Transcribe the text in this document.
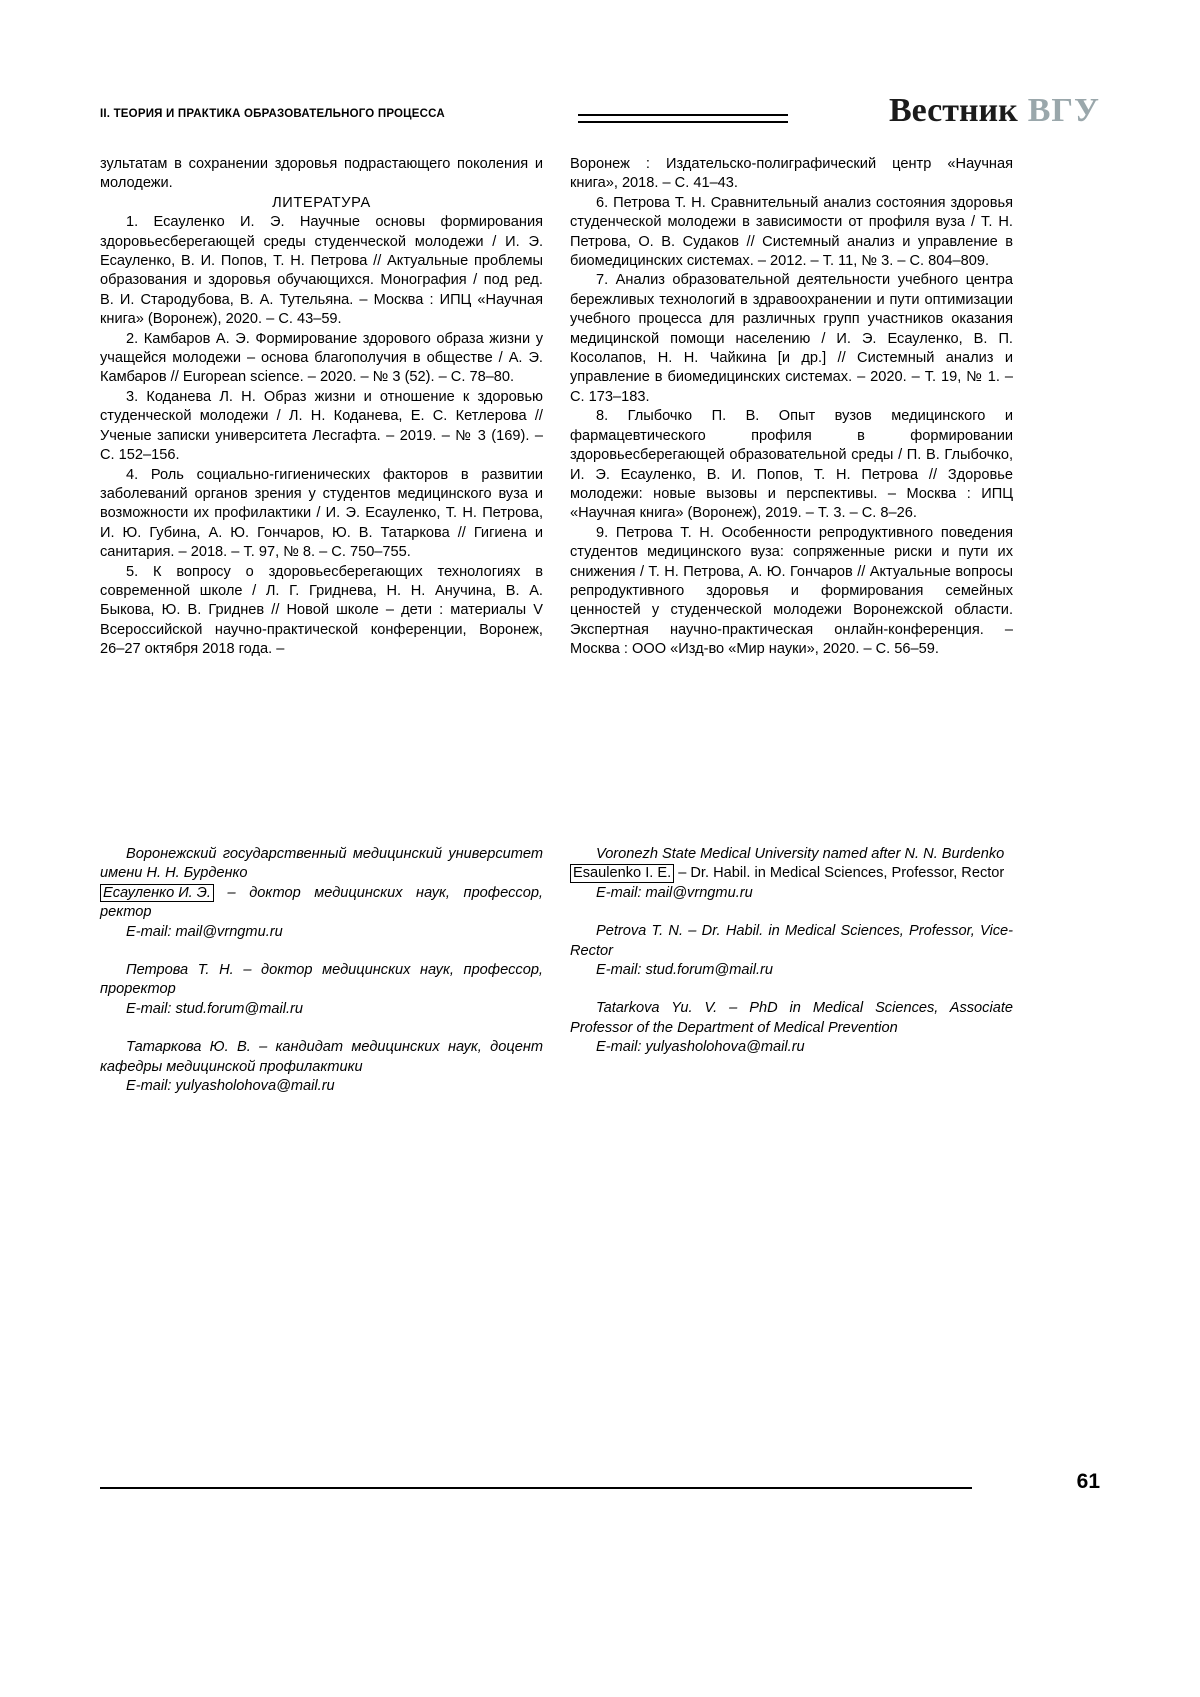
II. ТЕОРИЯ И ПРАКТИКА ОБРАЗОВАТЕЛЬНОГО ПРОЦЕССА	Вестник ВГУ

зультатам в сохранении здоровья подрастающего поколения и молодежи.

ЛИТЕРАТУРА

1. Есауленко И. Э. Научные основы формирования здоровьесберегающей среды студенческой молодежи / И. Э. Есауленко, В. И. Попов, Т. Н. Петрова // Актуальные проблемы образования и здоровья обучающихся. Монография / под ред. В. И. Стародубова, В. А. Тутельяна. – Москва : ИПЦ «Научная книга» (Воронеж), 2020. – С. 43–59.

2. Камбаров А. Э. Формирование здорового образа жизни у учащейся молодежи – основа благополучия в обществе / А. Э. Камбаров // European science. – 2020. – № 3 (52). – С. 78–80.

3. Коданева Л. Н. Образ жизни и отношение к здоровью студенческой молодежи / Л. Н. Коданева, Е. С. Кетлерова // Ученые записки университета Лесгафта. – 2019. – № 3 (169). – С. 152–156.

4. Роль социально-гигиенических факторов в развитии заболеваний органов зрения у студентов медицинского вуза и возможности их профилактики / И. Э. Есауленко, Т. Н. Петрова, И. Ю. Губина, А. Ю. Гончаров, Ю. В. Татаркова // Гигиена и санитария. – 2018. – Т. 97, № 8. – С. 750–755.

5. К вопросу о здоровьесберегающих технологиях в современной школе / Л. Г. Гриднева, Н. Н. Анучина, В. А. Быкова, Ю. В. Гриднев // Новой школе – дети : материалы V Всероссийской научно-практической конференции, Воронеж, 26–27 октября 2018 года. –

Воронеж : Издательско-полиграфический центр «Научная книга», 2018. – С. 41–43.

6. Петрова Т. Н. Сравнительный анализ состояния здоровья студенческой молодежи в зависимости от профиля вуза / Т. Н. Петрова, О. В. Судаков // Системный анализ и управление в биомедицинских системах. – 2012. – Т. 11, № 3. – С. 804–809.

7. Анализ образовательной деятельности учебного центра бережливых технологий в здравоохранении и пути оптимизации учебного процесса для различных групп участников оказания медицинской помощи населению / И. Э. Есауленко, В. П. Косолапов, Н. Н. Чайкина [и др.] // Системный анализ и управление в биомедицинских системах. – 2020. – Т. 19, № 1. – С. 173–183.

8. Глыбочко П. В. Опыт вузов медицинского и фармацевтического профиля в формировании здоровьесберегающей образовательной среды / П. В. Глыбочко, И. Э. Есауленко, В. И. Попов, Т. Н. Петрова // Здоровье молодежи: новые вызовы и перспективы. – Москва : ИПЦ «Научная книга» (Воронеж), 2019. – Т. 3. – С. 8–26.

9. Петрова Т. Н. Особенности репродуктивного поведения студентов медицинского вуза: сопряженные риски и пути их снижения / Т. Н. Петрова, А. Ю. Гончаров // Актуальные вопросы репродуктивного здоровья и формирования семейных ценностей у студенческой молодежи Воронежской области. Экспертная научно-практическая онлайн-конференция. – Москва : ООО «Изд-во «Мир науки», 2020. – С. 56–59.

Воронежский государственный медицинский университет имени Н. Н. Бурденко

Есауленко И. Э. – доктор медицинских наук, профессор, ректор

E-mail: mail@vrngmu.ru

Петрова Т. Н. – доктор медицинских наук, профессор, проректор

E-mail: stud.forum@mail.ru

Татаркова Ю. В. – кандидат медицинских наук, доцент кафедры медицинской профилактики

E-mail: yulyasholohova@mail.ru

Voronezh State Medical University named after N. N. Burdenko

Esaulenko I. E. – Dr. Habil. in Medical Sciences, Professor, Rector

E-mail: mail@vrngmu.ru

Petrova T. N. – Dr. Habil. in Medical Sciences, Professor, Vice-Rector

E-mail: stud.forum@mail.ru

Tatarkova Yu. V. – PhD in Medical Sciences, Associate Professor of the Department of Medical Prevention

E-mail: yulyasholohova@mail.ru

61
